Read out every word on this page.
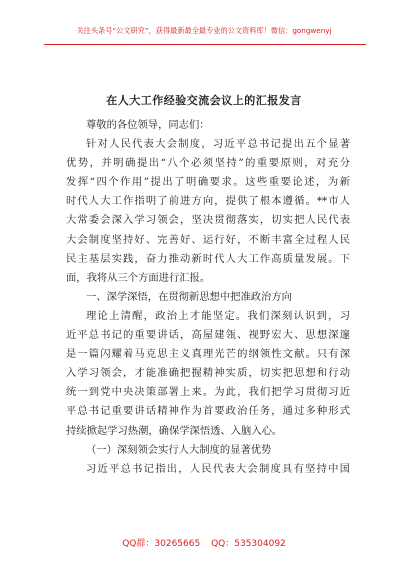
关注头条号“公文研究”，获得最新最全最专业的公文资料库！微信：gongwenyj
在人大工作经验交流会议上的汇报发言
尊敬的各位领导，同志们：
针对人民代表大会制度，习近平总书记提出五个显著
优势，并明确提出“八个必须坚持”的重要原则，对充分
发挥“四个作用”提出了明确要求。这些重要论述，为新
时代人大工作指明了前进方向，提供了根本遵循。**市人
大常委会深入学习领会，坚决贯彻落实，切实把人民代表
大会制度坚持好、完善好、运行好，不断丰富全过程人民
民主基层实践，奋力推动新时代人大工作高质量发展。下
面，我将从三个方面进行汇报。
一、深学深悟，在贯彻新思想中把准政治方向
理论上清醒，政治上才能坚定。我们深刻认识到，习
近平总书记的重要讲话，高屋建瓴、视野宏大、思想深邃
是一篇闪耀着马克思主义真理光芒的纲领性文献。只有深
入学习领会，才能准确把握精神实质，切实把思想和行动
统一到党中央决策部署上来。为此，我们把学习贯彻习近
平总书记重要讲话精神作为首要政治任务，通过多种形式
持续掀起学习热潮，确保学深悟透、入脑入心。
（一）深刻领会实行人大制度的显著优势
习近平总书记指出，人民代表大会制度具有坚持中国
QQ群：30265665 QQ：535304092
